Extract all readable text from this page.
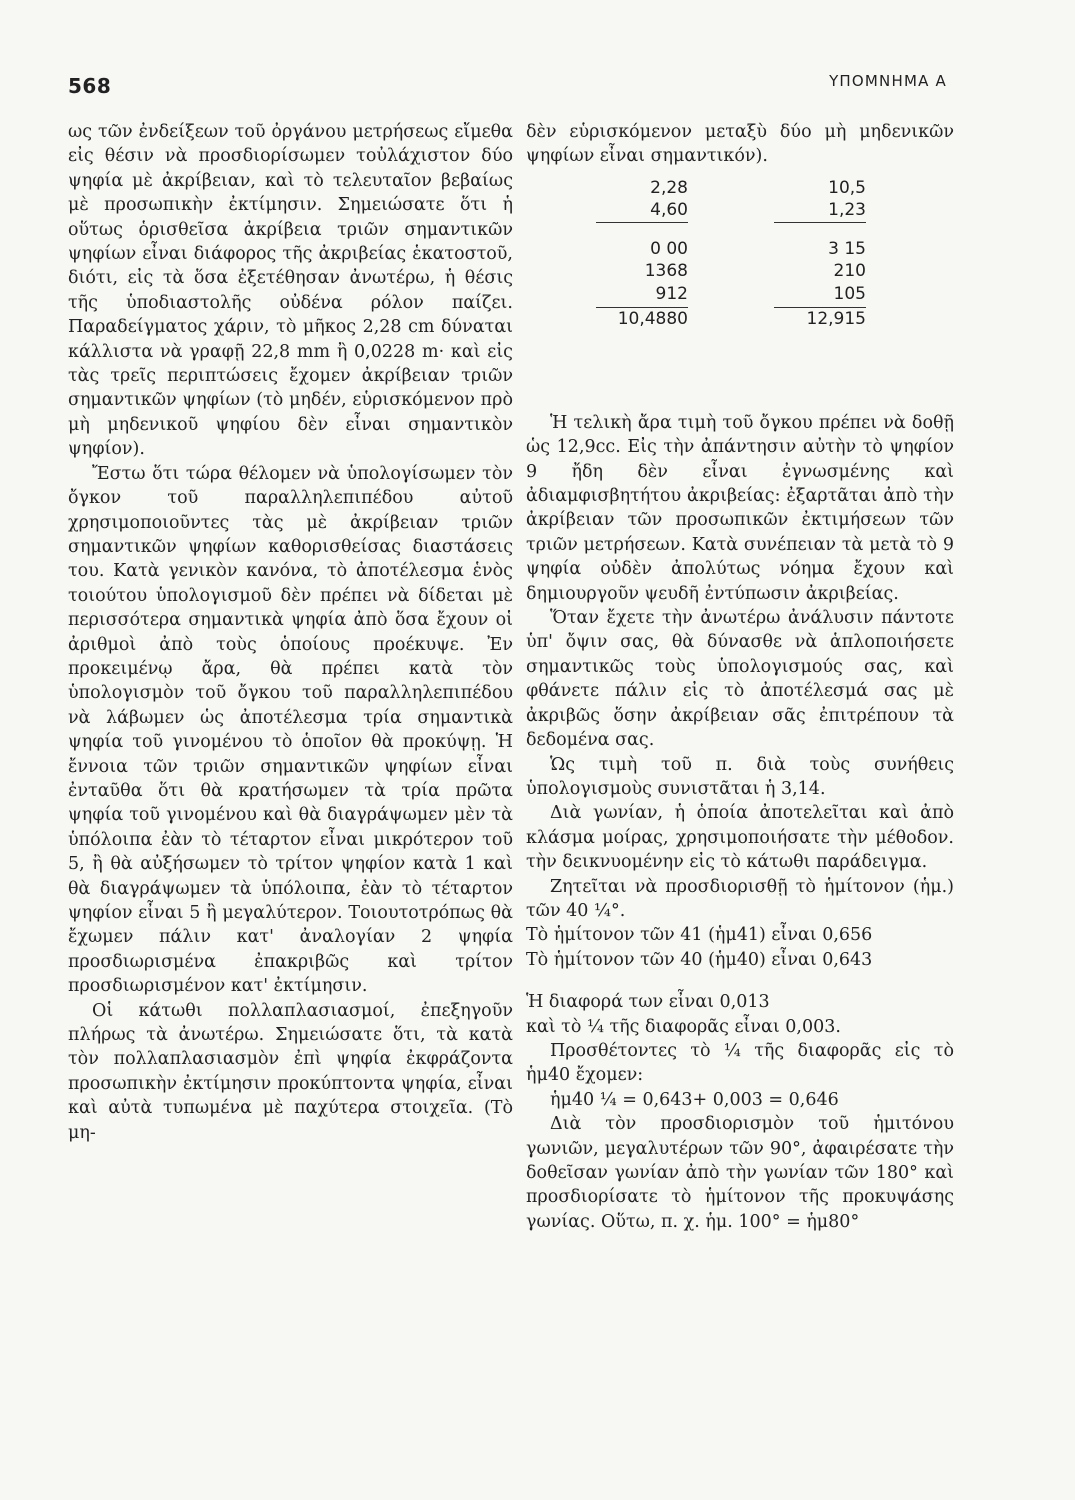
568	ΥΠΟΜΝΗΜΑ Α

ως τῶν ἐνδείξεων τοῦ ὀργάνου μετρήσεως εἴμεθα εἰς θέσιν νὰ προσδιορίσωμεν τοὐλάχιστον δύο ψηφία μὲ ἀκρίβειαν, καὶ τὸ τελευταῖον βεβαίως μὲ προσωπικὴν ἐκτίμησιν. Σημειώσατε ὅτι ἡ οὕτως ὁρισθεῖσα ἀκρίβεια τριῶν σημαντικῶν ψηφίων εἶναι διάφορος τῆς ἀκριβείας ἑκατοστοῦ, διότι, εἰς τὰ ὅσα ἐξετέθησαν ἀνωτέρω, ἡ θέσις τῆς ὑποδιαστολῆς οὐδένα ρόλον παίζει. Παραδείγματος χάριν, τὸ μῆκος 2,28 cm δύναται κάλλιστα νὰ γραφῇ 22,8 mm ἢ 0,0228 m· καὶ εἰς τὰς τρεῖς περιπτώσεις ἔχομεν ἀκρίβειαν τριῶν σημαντικῶν ψηφίων (τὸ μηδέν, εὑρισκόμενον πρὸ μὴ μηδενικοῦ ψηφίου δὲν εἶναι σημαντικὸν ψηφίον).

Ἔστω ὅτι τώρα θέλομεν νὰ ὑπολογίσωμεν τὸν ὄγκον τοῦ παραλληλεπιπέδου αὐτοῦ χρησιμοποιοῦντες τὰς μὲ ἀκρίβειαν τριῶν σημαντικῶν ψηφίων καθορισθείσας διαστάσεις του. Κατὰ γενικὸν κανόνα, τὸ ἀποτέλεσμα ἑνὸς τοιούτου ὑπολογισμοῦ δὲν πρέπει νὰ δίδεται μὲ περισσότερα σημαντικὰ ψηφία ἀπὸ ὅσα ἔχουν οἱ ἀριθμοὶ ἀπὸ τοὺς ὁποίους προέκυψε. Ἐν προκειμένῳ ἄρα, θὰ πρέπει κατὰ τὸν ὑπολογισμὸν τοῦ ὄγκου τοῦ παραλληλεπιπέδου νὰ λάβωμεν ὡς ἀποτέλεσμα τρία σημαντικὰ ψηφία τοῦ γινομένου τὸ ὁποῖον θὰ προκύψῃ. Ἡ ἔννοια τῶν τριῶν σημαντικῶν ψηφίων εἶναι ἐνταῦθα ὅτι θὰ κρατήσωμεν τὰ τρία πρῶτα ψηφία τοῦ γινομένου καὶ θὰ διαγράψωμεν μὲν τὰ ὑπόλοιπα ἐὰν τὸ τέταρτον εἶναι μικρότερον τοῦ 5, ἢ θὰ αὐξήσωμεν τὸ τρίτον ψηφίον κατὰ 1 καὶ θὰ διαγράψωμεν τὰ ὑπόλοιπα, ἐὰν τὸ τέταρτον ψηφίον εἶναι 5 ἢ μεγαλύτερον. Τοιουτοτρόπως θὰ ἔχωμεν πάλιν κατ' ἀναλογίαν 2 ψηφία προσδιωρισμένα ἐπακριβῶς καὶ τρίτον προσδιωρισμένον κατ' ἐκτίμησιν.

Οἱ κάτωθι πολλαπλασιασμοί, ἐπεξηγοῦν πλήρως τὰ ἀνωτέρω. Σημειώσατε ὅτι, τὰ κατὰ τὸν πολλαπλασιασμὸν ἐπὶ ψηφία ἐκφράζοντα προσωπικὴν ἐκτίμησιν προκύπτοντα ψηφία, εἶναι καὶ αὐτὰ τυπωμένα μὲ παχύτερα στοιχεῖα. (Τὸ μη-

δὲν εὑρισκόμενον μεταξὺ δύο μὴ μηδενικῶν ψηφίων εἶναι σημαντικόν).

2,28
4,60
0 00
1368
912
10,4880
10,5
1,23
3 15
210
105
12,915

Ἡ τελικὴ ἄρα τιμὴ τοῦ ὄγκου πρέπει νὰ δοθῇ ὡς 12,9cc. Εἰς τὴν ἀπάντησιν αὐτὴν τὸ ψηφίον 9 ἤδη δὲν εἶναι ἐγνωσμένης καὶ ἀδιαμφισβητήτου ἀκριβείας: ἐξαρτᾶται ἀπὸ τὴν ἀκρίβειαν τῶν προσωπικῶν ἐκτιμήσεων τῶν τριῶν μετρήσεων. Κατὰ συνέπειαν τὰ μετὰ τὸ 9 ψηφία οὐδὲν ἀπολύτως νόημα ἔχουν καὶ δημιουργοῦν ψευδῆ ἐντύπωσιν ἀκριβείας.

Ὅταν ἔχετε τὴν ἀνωτέρω ἀνάλυσιν πάντοτε ὑπ' ὄψιν σας, θὰ δύνασθε νὰ ἁπλοποιήσετε σημαντικῶς τοὺς ὑπολογισμούς σας, καὶ φθάνετε πάλιν εἰς τὸ ἀποτέλεσμά σας μὲ ἀκριβῶς ὅσην ἀκρίβειαν σᾶς ἐπιτρέπουν τὰ δεδομένα σας.

Ὡς τιμὴ τοῦ π. διὰ τοὺς συνήθεις ὑπολογισμοὺς συνιστᾶται ἡ 3,14.

Διὰ γωνίαν, ἡ ὁποία ἀποτελεῖται καὶ ἀπὸ κλάσμα μοίρας, χρησιμοποιήσατε τὴν μέθοδον. τὴν δεικνυομένην εἰς τὸ κάτωθι παράδειγμα.

Ζητεῖται νὰ προσδιορισθῇ τὸ ἡμίτονον (ἡμ.) τῶν 40 ¼°.

Τὸ ἡμίτονον τῶν 41 (ἡμ41) εἶναι 0,656

Τὸ ἡμίτονον τῶν 40 (ἡμ40) εἶναι 0,643

Ἡ διαφορά των εἶναι 0,013

καὶ τὸ ¼ τῆς διαφορᾶς εἶναι 0,003.

Προσθέτοντες τὸ ¼ τῆς διαφορᾶς εἰς τὸ ἡμ40 ἔχομεν:

ἡμ40 ¼ = 0,643+ 0,003 = 0,646

Διὰ τὸν προσδιορισμὸν τοῦ ἡμιτόνου γωνιῶν, μεγαλυτέρων τῶν 90°, ἀφαιρέσατε τὴν δοθεῖσαν γωνίαν ἀπὸ τὴν γωνίαν τῶν 180° καὶ προσδιορίσατε τὸ ἡμίτονον τῆς προκυψάσης γωνίας. Οὕτω, π. χ. ἡμ. 100° = ἡμ80°
